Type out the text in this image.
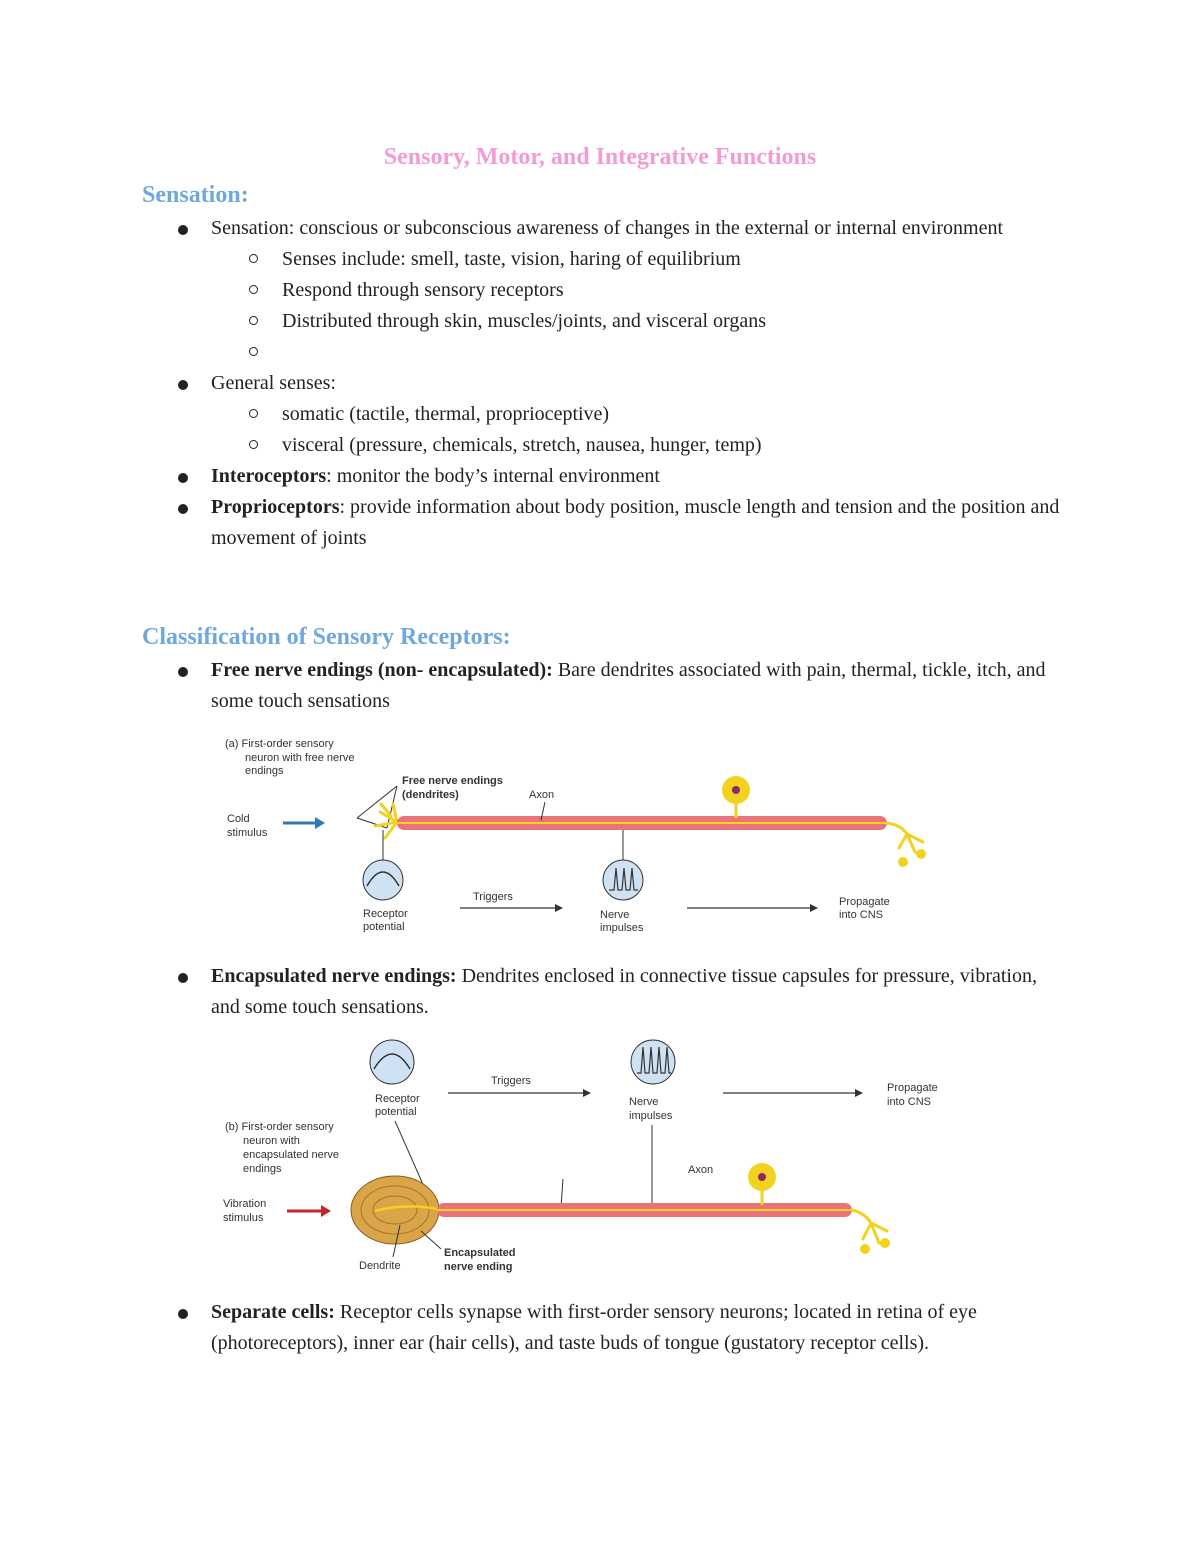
Sensory, Motor, and Integrative Functions
Sensation:
Sensation: conscious or subconscious awareness of changes in the external or internal environment
Senses include: smell, taste, vision, haring of equilibrium
Respond through sensory receptors
Distributed through skin, muscles/joints, and visceral organs
General senses:
somatic (tactile, thermal, proprioceptive)
visceral (pressure, chemicals, stretch, nausea, hunger, temp)
Interoceptors: monitor the body’s internal environment
Proprioceptors: provide information about body position, muscle length and tension and the position and movement of joints
Classification of Sensory Receptors:
Free nerve endings (non- encapsulated): Bare dendrites associated with pain, thermal, tickle, itch, and some touch sensations
(a) First-order sensory
neuron with free nerve
endings
Cold
stimulus
Free nerve endings
(dendrites)	Axon
Receptor
potential
Triggers
Nerve
impulses
Propagate
into CNS
Encapsulated nerve endings: Dendrites enclosed in connective tissue capsules for pressure, vibration, and some touch sensations.
Receptor
potential
Triggers
Nerve
impulses
Propagate
into CNS
(b) First-order sensory
neuron with
encapsulated nerve
endings	Axon
Vibration
stimulus
Dendrite
Encapsulated
nerve ending
Separate cells: Receptor cells synapse with first-order sensory neurons; located in retina of eye (photoreceptors), inner ear (hair cells), and taste buds of tongue (gustatory receptor cells).
